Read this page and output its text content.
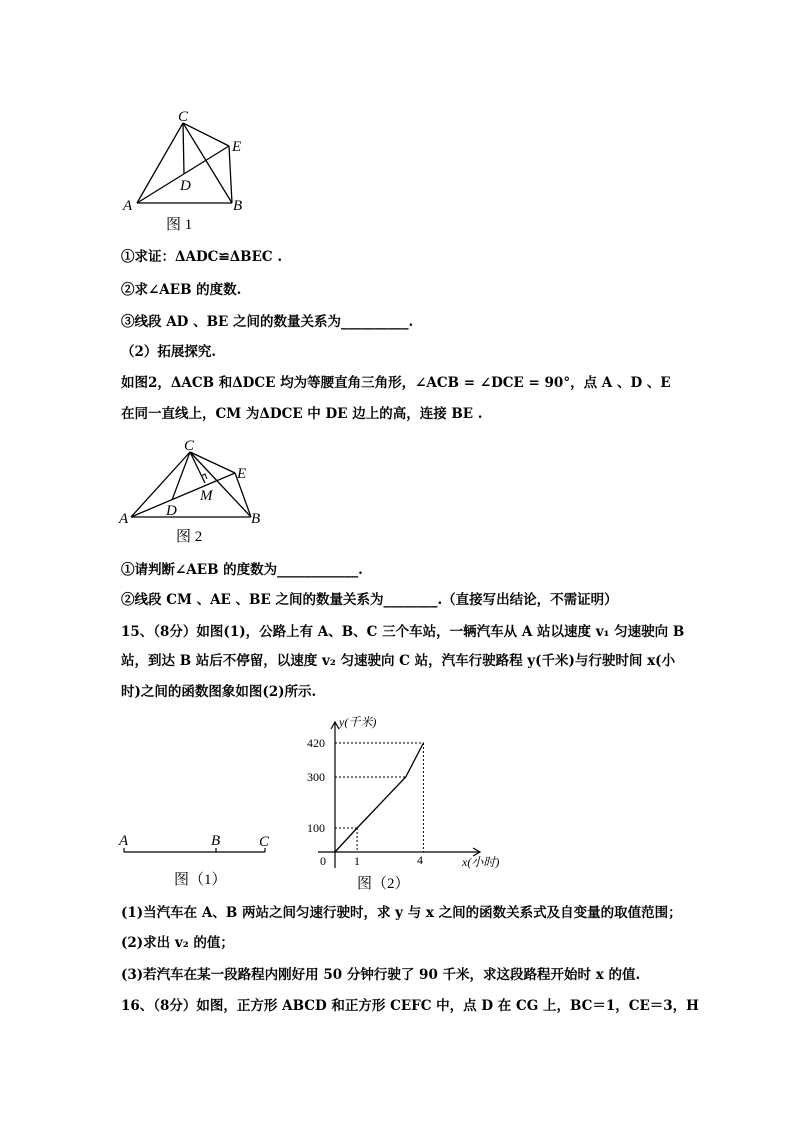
C
E
D
A	B
图 1
C
E
D
M
A	B
图 2
A	B	C
图（1）
y(千米)
x(小时)
0 1	4
100
300
420
图（2）
①求证：ΔADC≌ΔBEC .
②求∠AEB 的度数.
③线段 AD 、BE 之间的数量关系为__________.
（2）拓展探究.
如图2，ΔACB 和ΔDCE 均为等腰直角三角形，∠ACB = ∠DCE = 90°，点 A 、D 、E
在同一直线上，CM 为ΔDCE 中 DE 边上的高，连接 BE .
①请判断∠AEB 的度数为____________.
②线段 CM 、AE 、BE 之间的数量关系为________.（直接写出结论，不需证明）
15、（8分）如图(1)，公路上有 A、B、C 三个车站，一辆汽车从 A 站以速度 v₁ 匀速驶向 B
站，到达 B 站后不停留，以速度 v₂ 匀速驶向 C 站，汽车行驶路程 y(千米)与行驶时间 x(小
时)之间的函数图象如图(2)所示.
(1)当汽车在 A、B 两站之间匀速行驶时，求 y 与 x 之间的函数关系式及自变量的取值范围；
(2)求出 v₂ 的值；
(3)若汽车在某一段路程内刚好用 50 分钟行驶了 90 千米，求这段路程开始时 x 的值.
16、（8分）如图，正方形 ABCD 和正方形 CEFC 中，点 D 在 CG 上，BC＝1，CE＝3，H
